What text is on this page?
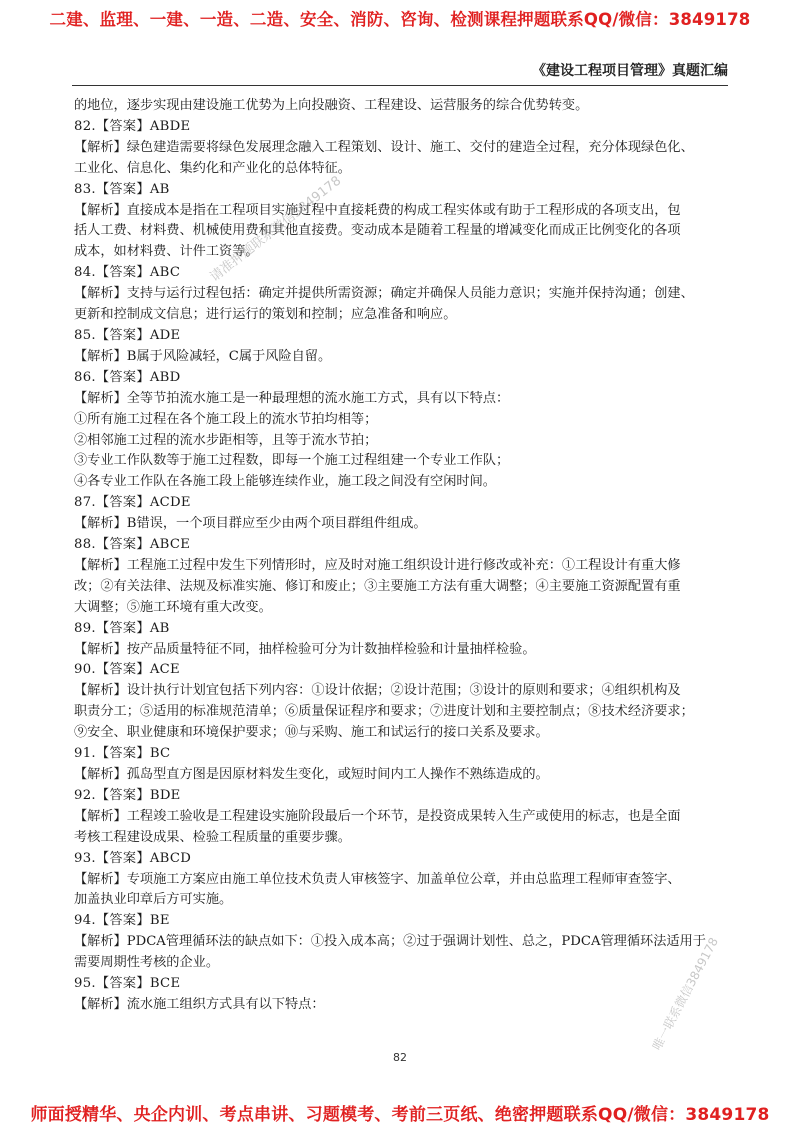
二建、监理、一建、一造、二造、安全、消防、咨询、检测课程押题联系QQ/微信：3849178
《建设工程项目管理》真题汇编
的地位，逐步实现由建设施工优势为上向投融资、工程建设、运营服务的综合优势转变。
82.【答案】ABDE
【解析】绿色建造需要将绿色发展理念融入工程策划、设计、施工、交付的建造全过程，充分体现绿色化、
工业化、信息化、集约化和产业化的总体特征。
83.【答案】AB
【解析】直接成本是指在工程项目实施过程中直接耗费的构成工程实体或有助于工程形成的各项支出，包
括人工费、材料费、机械使用费和其他直接费。变动成本是随着工程量的增减变化而成正比例变化的各项
成本，如材料费、计件工资等。
84.【答案】ABC
【解析】支持与运行过程包括：确定并提供所需资源；确定并确保人员能力意识；实施并保持沟通；创建、
更新和控制成文信息；进行运行的策划和控制；应急准备和响应。
85.【答案】ADE
【解析】B属于风险减轻，C属于风险自留。
86.【答案】ABD
【解析】全等节拍流水施工是一种最理想的流水施工方式，具有以下特点：
①所有施工过程在各个施工段上的流水节拍均相等；
②相邻施工过程的流水步距相等，且等于流水节拍；
③专业工作队数等于施工过程数，即每一个施工过程组建一个专业工作队；
④各专业工作队在各施工段上能够连续作业，施工段之间没有空闲时间。
87.【答案】ACDE
【解析】B错误，一个项目群应至少由两个项目群组件组成。
88.【答案】ABCE
【解析】工程施工过程中发生下列情形时，应及时对施工组织设计进行修改或补充：①工程设计有重大修
改；②有关法律、法规及标准实施、修订和废止；③主要施工方法有重大调整；④主要施工资源配置有重
大调整；⑤施工环境有重大改变。
89.【答案】AB
【解析】按产品质量特征不同，抽样检验可分为计数抽样检验和计量抽样检验。
90.【答案】ACE
【解析】设计执行计划宜包括下列内容：①设计依据；②设计范围；③设计的原则和要求；④组织机构及
职责分工；⑤适用的标准规范清单；⑥质量保证程序和要求；⑦进度计划和主要控制点；⑧技术经济要求；
⑨安全、职业健康和环境保护要求；⑩与采购、施工和试运行的接口关系及要求。
91.【答案】BC
【解析】孤岛型直方图是因原材料发生变化，或短时间内工人操作不熟练造成的。
92.【答案】BDE
【解析】工程竣工验收是工程建设实施阶段最后一个环节，是投资成果转入生产或使用的标志，也是全面
考核工程建设成果、检验工程质量的重要步骤。
93.【答案】ABCD
【解析】专项施工方案应由施工单位技术负责人审核签字、加盖单位公章，并由总监理工程师审查签字、
加盖执业印章后方可实施。
94.【答案】BE
【解析】PDCA管理循环法的缺点如下：①投入成本高；②过于强调计划性、总之，PDCA管理循环法适用于
需要周期性考核的企业。
95.【答案】BCE
【解析】流水施工组织方式具有以下特点：
请准押题联系微信3849178
唯一联系微信3849178
82
师面授精华、央企内训、考点串讲、习题模考、考前三页纸、绝密押题联系QQ/微信：3849178
